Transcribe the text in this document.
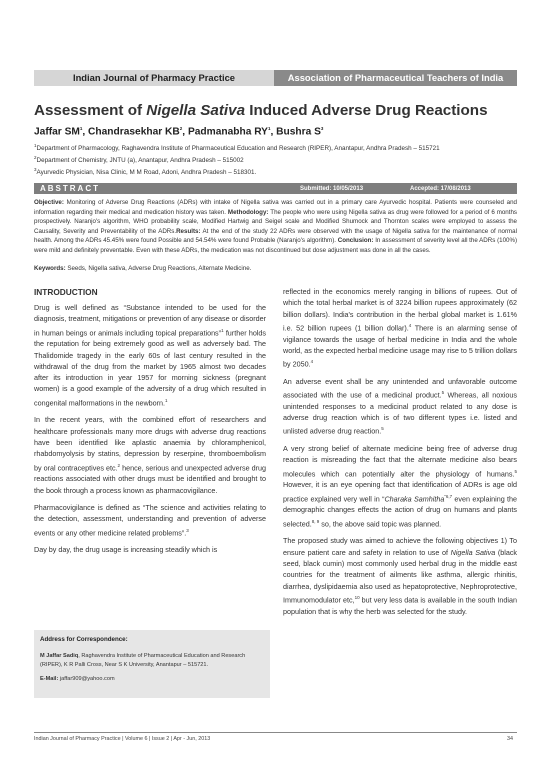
Indian Journal of Pharmacy Practice	Association of Pharmaceutical Teachers of India
Assessment of Nigella Sativa Induced Adverse Drug Reactions
Jaffar $SM^1$, Chandrasekhar $KB^2$, Padmanabha $RY^1$, Bushra $S^3$
$^1$Department of Pharmacology, Raghavendra Institute of Pharmaceutical Education and Research (RIPER), Anantapur, Andhra Pradesh – 515721
$^2$Department of Chemistry, JNTU (a), Anantapur, Andhra Pradesh – 515002
$^3$Ayurvedic Physician, Nisa Clinic, M M Road, Adoni, Andhra Pradesh – 518301.
ABSTRACT	Submitted: 10/05/2013	Accepted: 17/08/2013
Objective: Monitoring of Adverse Drug Reactions (ADRs) with intake of Nigella sativa was carried out in a primary care Ayurvedic hospital. Patients were counseled and information regarding their medical and medication history was taken. Methodology: The people who were using Nigella sativa as drug were followed for a period of 6 months prospectively. Naranjo's algorithm, WHO probability scale, Modified Hartwig and Seigel scale and Modified Shumock and Thornton scales were employed to assess the Causality, Severity and Preventability of the ADRs.Results: At the end of the study 22 ADRs were observed with the usage of Nigella sativa for the maintenance of normal health. Among the ADRs 45.45% were found Possible and 54.54% were found Probable (Naranjo's algorithm). Conclusion: In assessment of severity level all the ADRs (100%) were mild and definitely preventable. Even with these ADRs, the medication was not discontinued but dose adjustment was done in all the cases.
Keywords: Seeds, Nigella sativa, Adverse Drug Reactions, Alternate Medicine.
INTRODUCTION

Drug is well defined as “Substance intended to be used for the diagnosis, treatment, mitigations or prevention of any disease or disorder in human beings or animals including topical preparations”$^1$ further holds the reputation for being extremely good as well as adversely bad. The Thalidomide tragedy in the early 60s of last century resulted in the withdrawal of the drug from the market by 1965 almost two decades after its introduction in year 1957 for morning sickness (pregnant women) is a good example of the adversity of a drug which resulted in congenital malformations in the newborn.$^1$

In the recent years, with the combined effort of researchers and healthcare professionals many more drugs with adverse drug reactions have been identified like aplastic anaemia by chloramphenicol, rhabdomyolysis by statins, depression by reserpine, thromboembolism by oral contraceptives etc.$^2$ hence, serious and unexpected adverse drug reactions associated with other drugs must be identified and brought to the book through a process known as pharmacovigilance.

Pharmacovigilance is defined as “The science and activities relating to the detection, assessment, understanding and prevention of adverse events or any other medicine related problems”.$^3$

Day by day, the drug usage is increasing steadily which is

reflected in the economics merely ranging in billions of rupees. Out of which the total herbal market is of 3224 billion rupees approximately (62 billion dollars). India's contribution in the herbal global market is 1.61% i.e. 52 billion rupees (1 billion dollar).$^4$ There is an alarming sense of vigilance towards the usage of herbal medicine in India and the whole world, as the expected herbal medicine usage may rise to 5 trillion dollars by 2050.$^4$

An adverse event shall be any unintended and unfavorable outcome associated with the use of a medicinal product.$^5$ Whereas, all noxious unintended responses to a medicinal product related to any dose is adverse drug reaction which is of two different types i.e. listed and unlisted adverse drug reaction.$^5$

A very strong belief of alternate medicine being free of adverse drug reaction is misreading the fact that the alternate medicine also bears molecules which can potentially alter the physiology of humans.$^5$ However, it is an eye opening fact that identification of ADRs is age old practice explained very well in “Charaka Samhitha$^{”6,7}$ even explaining the demographic changes effects the action of drug on humans and plants selected.$^{8, 9}$ so, the above said topic was planned.

The proposed study was aimed to achieve the following objectives 1) To ensure patient care and safety in relation to use of Nigella Sativa (black seed, black cumin) most commonly used herbal drug in the middle east countries for the treatment of ailments like asthma, allergic rhinitis, diarrhea, dyslipidaemia also used as hepatoprotective, Nephroprotective, Immunomodulator etc,$^{10}$ but very less data is available in the south Indian population that is why the herb was selected for the study.

Address for Correspondence:
M Jaffar Sadiq, Raghavendra Institute of Pharmaceutical Education and Research (RIPER), K R Palli Cross, Near S K University, Anantapur – 515721.
E-Mail: jaffar909@yahoo.com
Indian Journal of Pharmacy Practice | Volume 6 | Issue 2 | Apr - Jun, 2013	34
